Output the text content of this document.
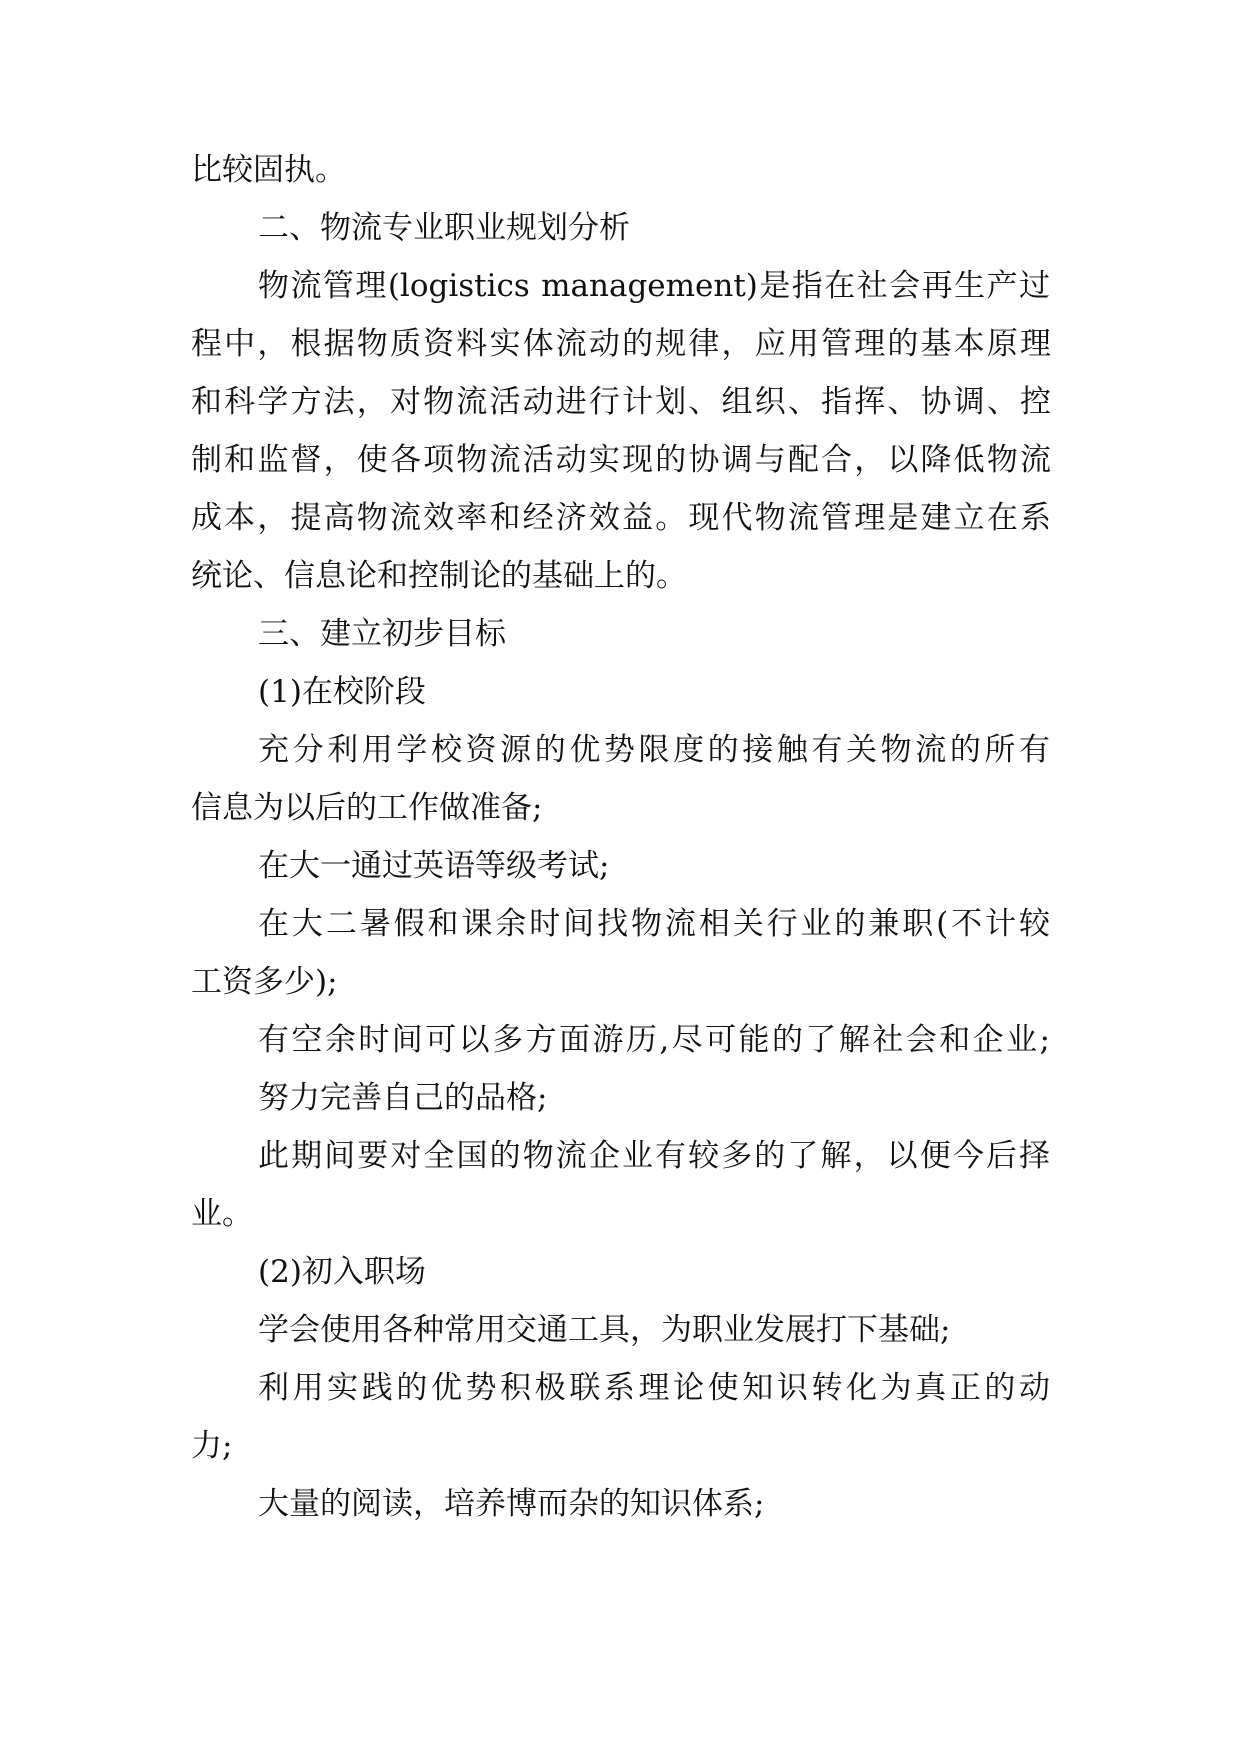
比较固执。
二、物流专业职业规划分析
物流管理(logistics management)是指在社会再生产过
程中，根据物质资料实体流动的规律，应用管理的基本原理
和科学方法，对物流活动进行计划、组织、指挥、协调、控
制和监督，使各项物流活动实现的协调与配合，以降低物流
成本，提高物流效率和经济效益。现代物流管理是建立在系
统论、信息论和控制论的基础上的。
三、建立初步目标
(1)在校阶段
充分利用学校资源的优势限度的接触有关物流的所有
信息为以后的工作做准备;
在大一通过英语等级考试;
在大二暑假和课余时间找物流相关行业的兼职(不计较
工资多少);
有空余时间可以多方面游历,尽可能的了解社会和企业;
努力完善自己的品格;
此期间要对全国的物流企业有较多的了解，以便今后择
业。
(2)初入职场
学会使用各种常用交通工具，为职业发展打下基础;
利用实践的优势积极联系理论使知识转化为真正的动
力;
大量的阅读，培养博而杂的知识体系;
